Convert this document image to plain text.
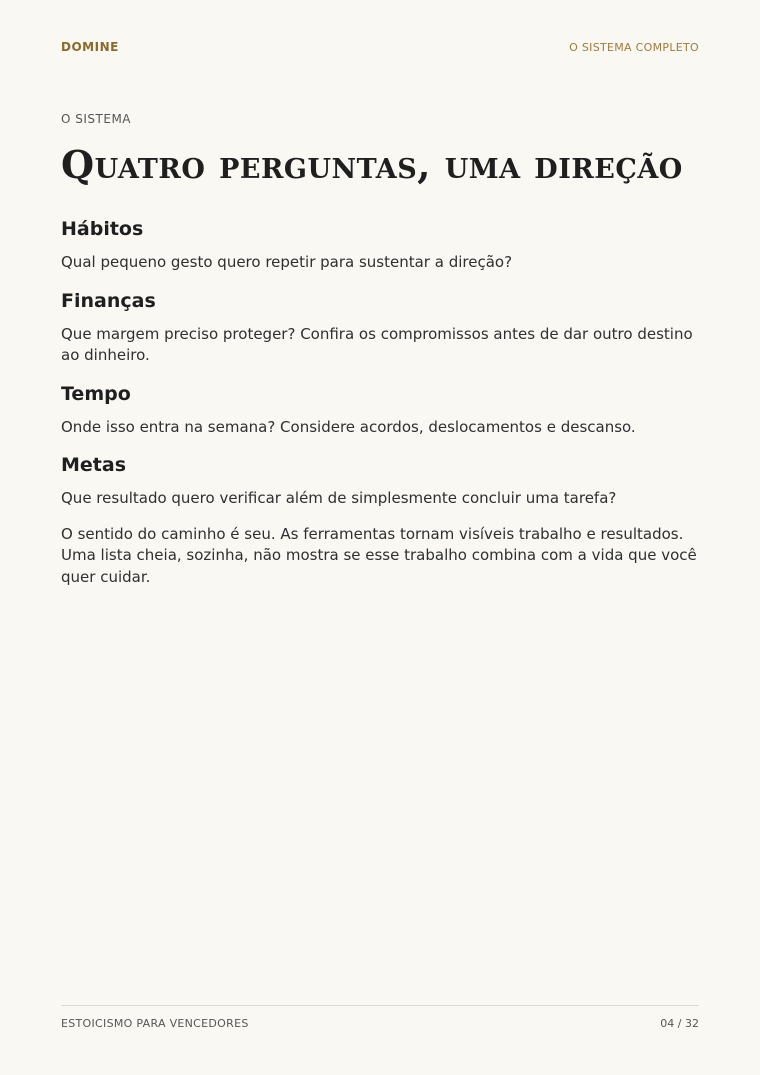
DOMINE	O SISTEMA COMPLETO
O SISTEMA
Quatro perguntas, uma direção
Hábitos

Qual pequeno gesto quero repetir para sustentar a direção?

Finanças

Que margem preciso proteger? Confira os compromissos antes de dar outro destino ao dinheiro.

Tempo

Onde isso entra na semana? Considere acordos, deslocamentos e descanso.

Metas

Que resultado quero verificar além de simplesmente concluir uma tarefa?

O sentido do caminho é seu. As ferramentas tornam visíveis trabalho e resultados. Uma lista cheia, sozinha, não mostra se esse trabalho combina com a vida que você quer cuidar.

ESTOICISMO PARA VENCEDORES	04 / 32
